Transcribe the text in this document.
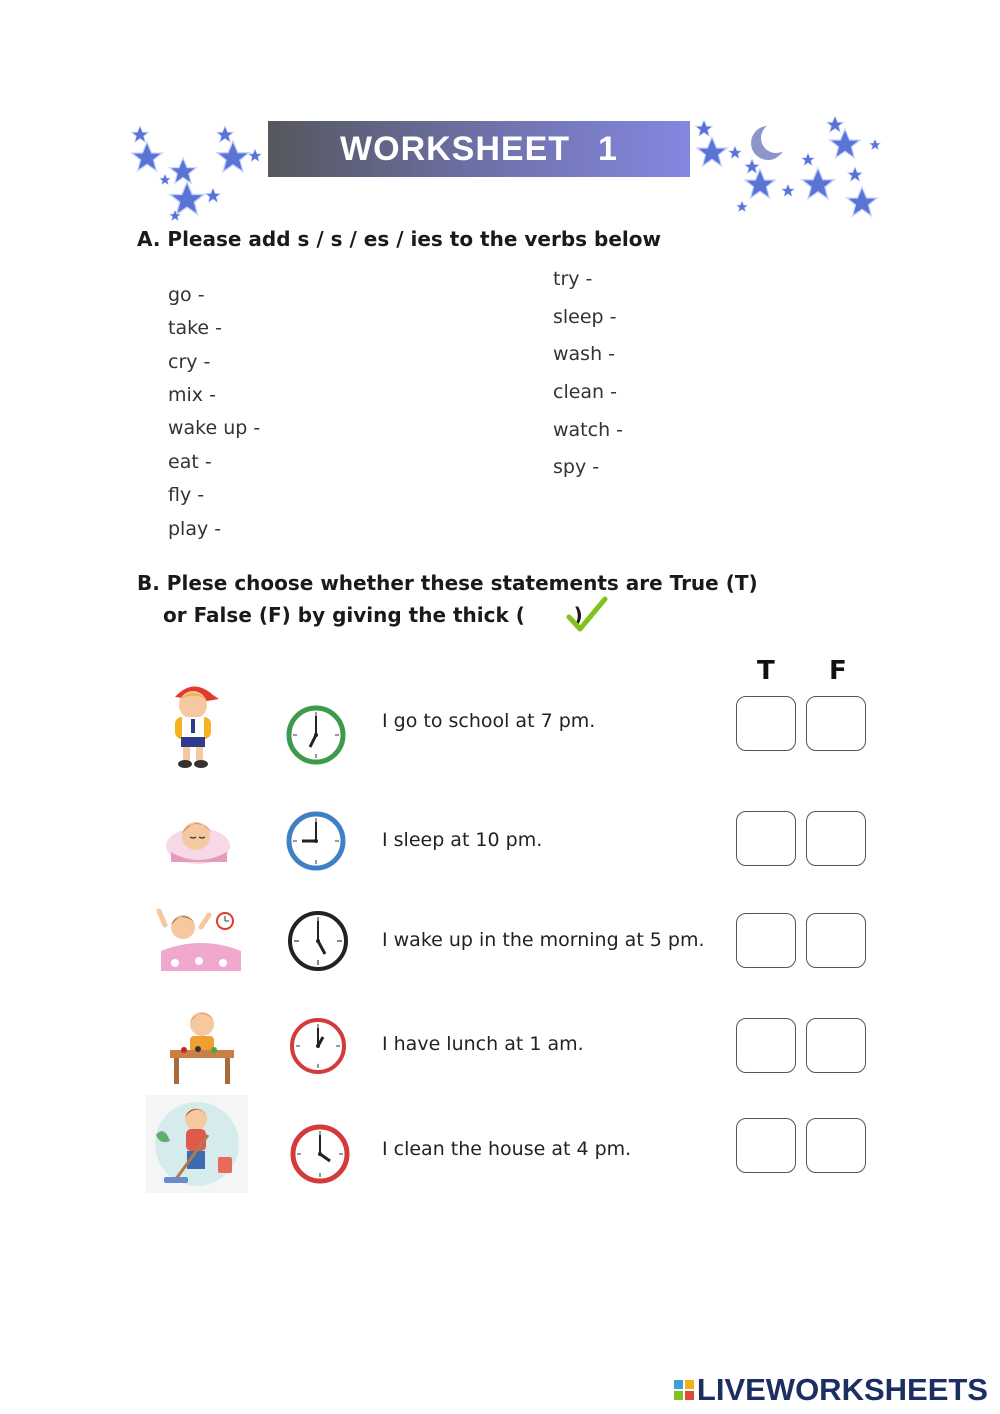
WORKSHEET 1
A. Please add s / s / es / ies to the verbs below
go -
take -
cry -
mix -
wake up -
eat -
fly -
play -
try -
sleep -
wash -
clean -
watch -
spy -
B. Plese choose whether these statements are True (T)
or False (F) by giving the thick (       )
T F
I go to school at 7 pm.
I sleep at 10 pm.
I wake up in the morning at 5 pm.
I have lunch at 1 am.
I clean the house at 4 pm.
LIVEWORKSHEETS
